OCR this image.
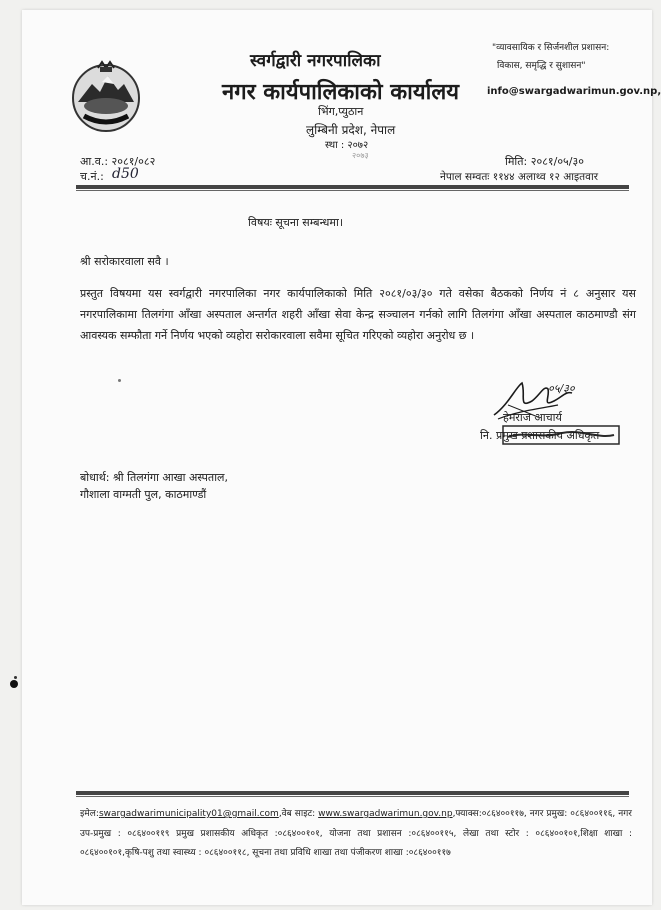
स्वर्गद्वारी नगरपालिका
नगर कार्यपालिकाको कार्यालय
भिंग,प्युठान
लुम्बिनी प्रदेश, नेपाल
स्था : २०७२
२०७३
"व्यावसायिक र सिर्जनशील प्रशासन:
विकास, समृद्धि र सुशासन"
info@swargadwarimun.gov.np,
आ.व.: २०८१/०८२
च.नं.: d50
मिति: २०८१/०५/३०
नेपाल सम्वतः ११४४ अलाथ्व १२ आइतवार
विषयः सूचना सम्बन्धमा।
श्री सरोकारवाला सवै ।
प्रस्तुत विषयमा यस स्वर्गद्वारी नगरपालिका नगर कार्यपालिकाको मिति २०८१/०३/३० गते वसेका बैठकको निर्णय नं ८ अनुसार यस नगरपालिकामा तिलगंगा आँखा अस्पताल अन्तर्गत शहरी आँखा सेवा केन्द्र सञ्चालन गर्नको लागि तिलगंगा आँखा अस्पताल काठमाण्डौ संग आवस्यक सम्फौता गर्ने निर्णय भएको व्यहोरा सरोकारवाला सवैमा सूचित गरिएको व्यहोरा अनुरोध छ ।
०५/३०
हेमराज आचार्य
नि. प्रमुख प्रशासकीय अधिकृत
बोधार्थ: श्री तिलगंगा आखा अस्पताल,
गौशाला वाग्मती पुल, काठमाण्डौं
इमेल:swargadwarimunicipality01@gmail.com,वेब साइट: www.swargadwarimun.gov.np,फ्याक्स:०८६४००११७, नगर प्रमुख: ०८६४००११६, नगर उप-प्रमुख : ०८६४००११९ प्रमुख प्रशासकीय अधिकृत :०८६४००१०१, योजना तथा प्रशासन :०८६४००११५, लेखा तथा स्टोर : ०८६४००१०१,शिक्षा शाखा : ०८६४००१०१,कृषि-पशु तथा स्वास्थ्य : ०८६४००११८, सूचना तथा प्रविधि शाखा तथा पंजीकरण शाखा :०८६४००११७
